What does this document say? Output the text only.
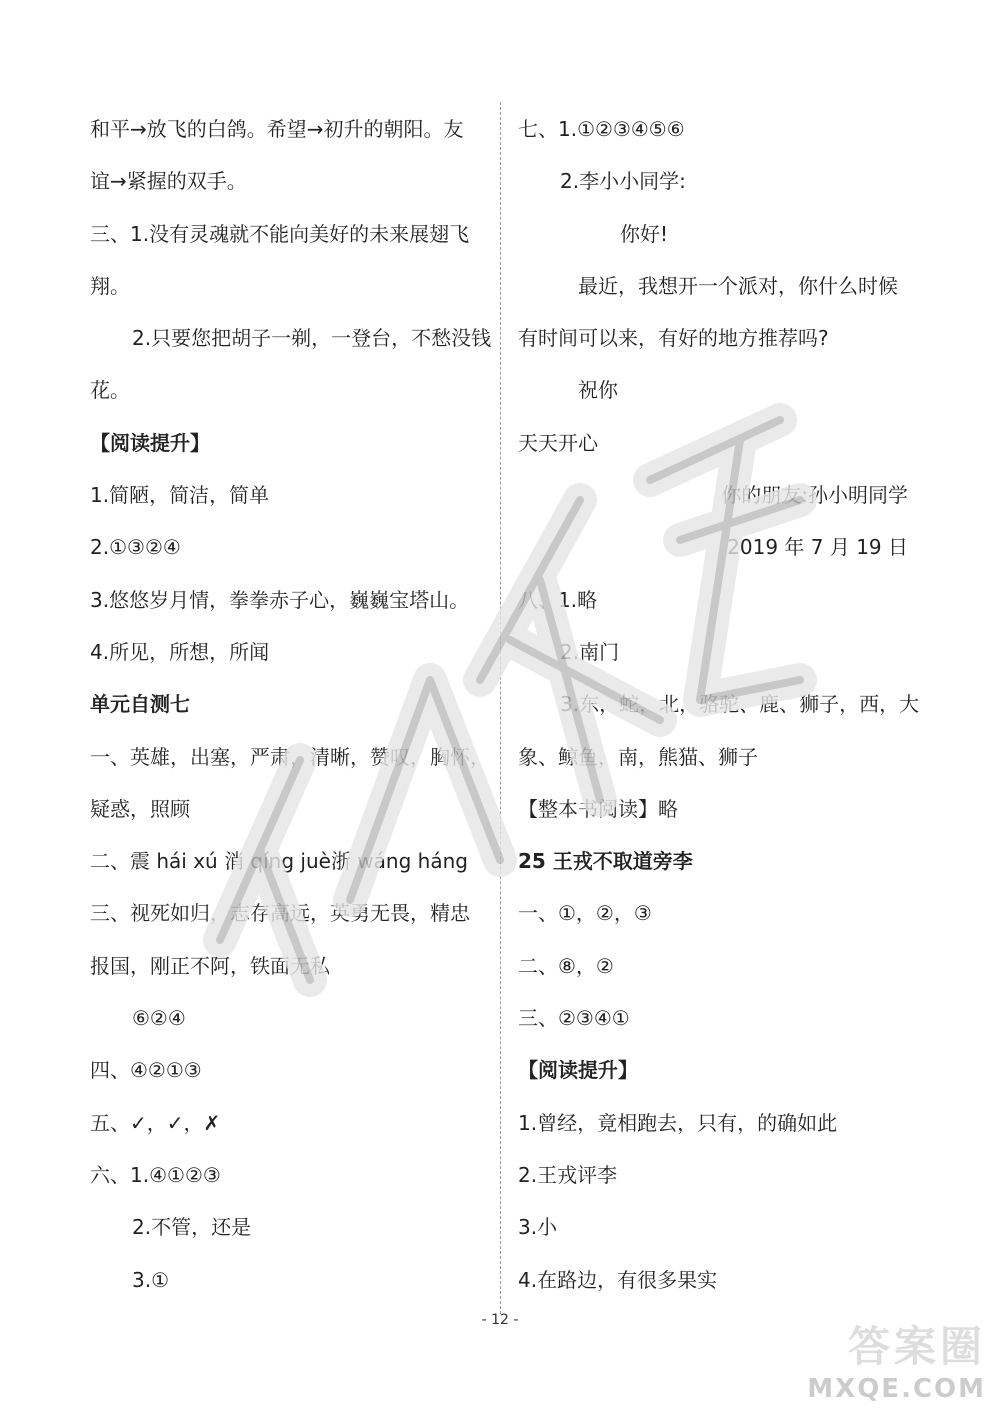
和平→放飞的白鸽。希望→初升的朝阳。友
谊→紧握的双手。
三、1.没有灵魂就不能向美好的未来展翅飞
翔。
2.只要您把胡子一剃，一登台，不愁没钱
花。
【阅读提升】
1.简陋，简洁，简单
2.①③②④
3.悠悠岁月情，拳拳赤子心，巍巍宝塔山。
4.所见，所想，所闻
单元自测七
一、英雄，出塞，严肃，清晰，赞叹，胸怀，
疑惑，照顾
二、震 hái xú 消 qíng juè浙 wáng háng
三、视死如归，志存高远，英勇无畏，精忠
报国，刚正不阿，铁面无私
⑥②④
四、④②①③
五、✓，✓，✗
六、1.④①②③
2.不管，还是
3.①
七、1.①②③④⑤⑥
2.李小小同学:
你好!
最近，我想开一个派对，你什么时候
有时间可以来，有好的地方推荐吗?
祝你
天天开心
你的朋友:孙小明同学
2019 年 7 月 19 日
八、1.略
2.南门
3.东，蛇，北，骆驼、鹿、狮子，西，大
象、鲸鱼，南，熊猫、狮子
【整本书阅读】略
25 王戎不取道旁李
一、①，②，③
二、⑧，②
三、②③④①
【阅读提升】
1.曾经，竟相跑去，只有，的确如此
2.王戎评李
3.小
4.在路边，有很多果实
- 12 -
答案圈
MXQE.COM
